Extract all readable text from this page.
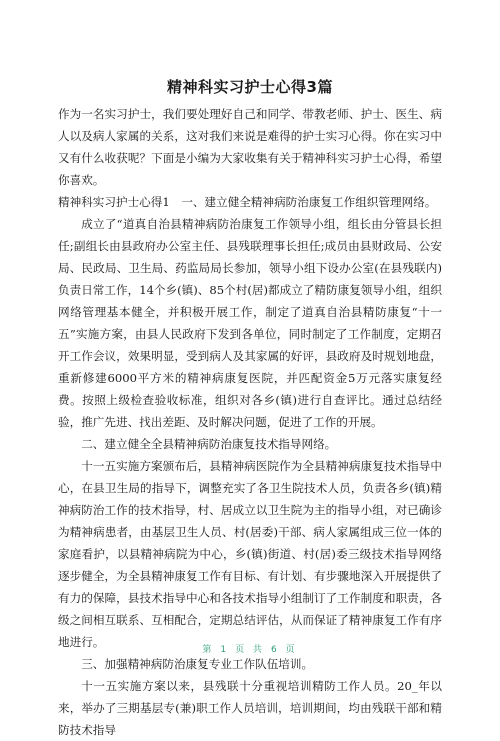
精神科实习护士心得3篇

作为一名实习护士，我们要处理好自己和同学、带教老师、护士、医生、病人以及病人家属的关系，这对我们来说是难得的护士实习心得。你在实习中又有什么收获呢？下面是小编为大家收集有关于精神科实习护士心得，希望你喜欢。

精神科实习护士心得1　一、建立健全精神病防治康复工作组织管理网络。

成立了“道真自治县精神病防治康复工作领导小组，组长由分管县长担任;副组长由县政府办公室主任、县残联理事长担任;成员由县财政局、公安局、民政局、卫生局、药监局局长参加，领导小组下设办公室(在县残联内)负责日常工作，14个乡(镇)、85个村(居)都成立了精防康复领导小组，组织网络管理基本健全，并积极开展工作，制定了道真自治县精防康复“十一五”实施方案，由县人民政府下发到各单位，同时制定了工作制度，定期召开工作会议，效果明显，受到病人及其家属的好评，县政府及时规划地盘，重新修建6000平方米的精神病康复医院，并匹配资金5万元落实康复经费。按照上级检查验收标准，组织对各乡(镇)进行自查评比。通过总结经验，推广先进、找出差距、及时解决问题，促进了工作的开展。

二、建立健全全县精神病防治康复技术指导网络。

十一五实施方案颁布后，县精神病医院作为全县精神病康复技术指导中心，在县卫生局的指导下，调整充实了各卫生院技术人员，负责各乡(镇)精神病防治工作的技术指导，村、居成立以卫生院为主的指导小组，对已确诊为精神病患者，由基层卫生人员、村(居委)干部、病人家属组成三位一体的家庭看护，以县精神病院为中心，乡(镇)街道、村(居)委三级技术指导网络逐步健全，为全县精神康复工作有目标、有计划、有步骤地深入开展提供了有力的保障，县技术指导中心和各技术指导小组制订了工作制度和职责，各级之间相互联系、互相配合，定期总结评估，从而保证了精神康复工作有序地进行。

三、加强精神病防治康复专业工作队伍培训。

十一五实施方案以来，县残联十分重视培训精防工作人员。20_年以来，举办了三期基层专(兼)职工作人员培训，培训期间，均由残联干部和精防技术指导

第 1 页 共 6 页
